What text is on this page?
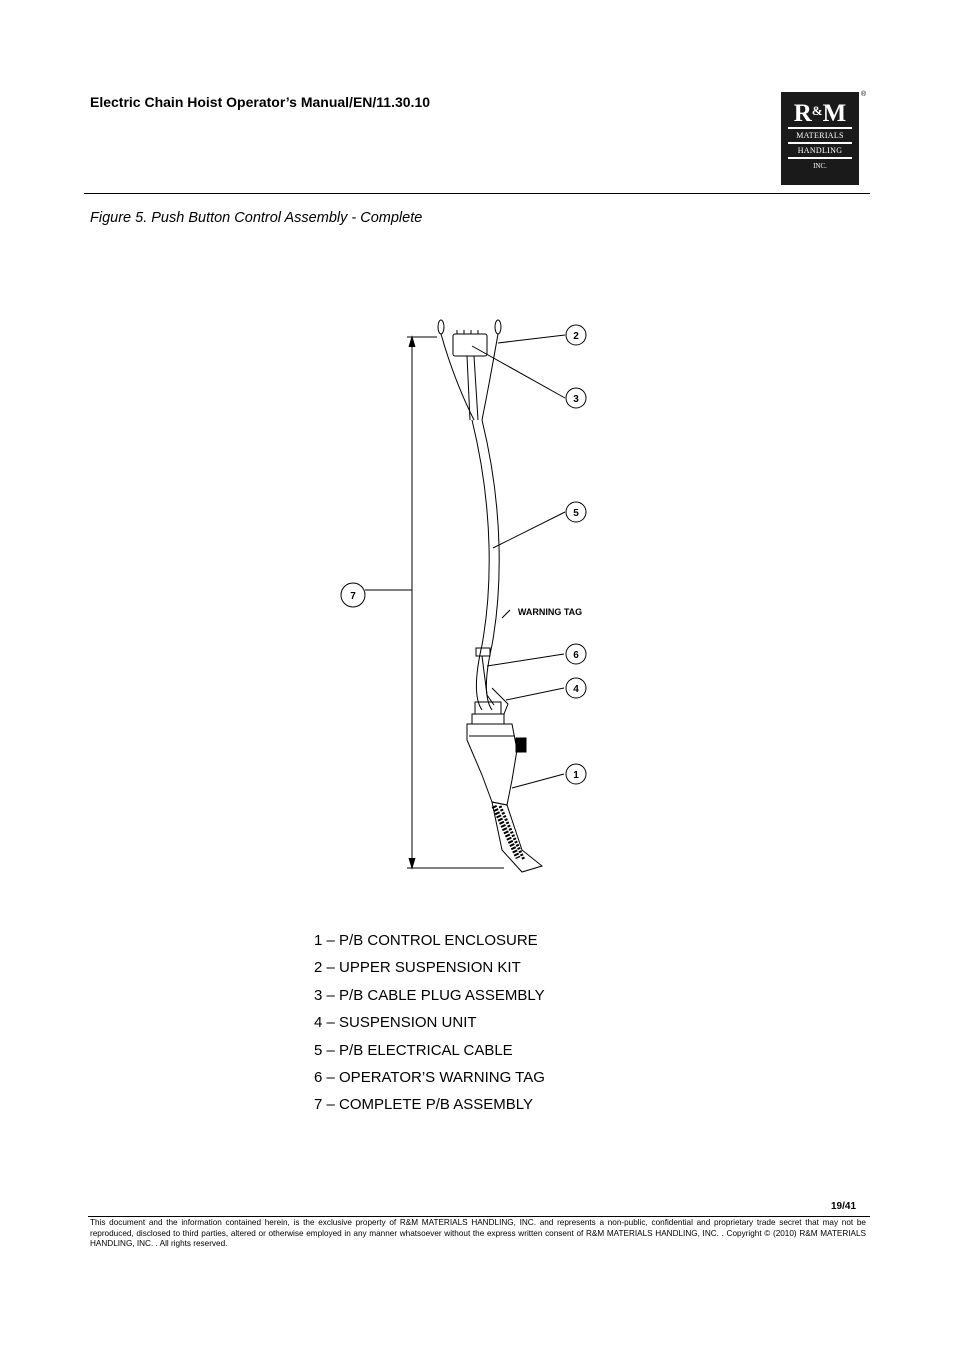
Electric Chain Hoist Operator’s Manual/EN/11.30.10	R&M
MATERIALS
HANDLING
INC.
®
Figure 5. Push Button Control Assembly - Complete
2
3
5
6
4
1
7
WARNING TAG
1 – P/B CONTROL ENCLOSURE
2 – UPPER SUSPENSION KIT
3 – P/B CABLE PLUG ASSEMBLY
4 – SUSPENSION UNIT
5 – P/B ELECTRICAL CABLE
6 – OPERATOR’S WARNING TAG
7 – COMPLETE P/B ASSEMBLY
19/41
This document and the information contained herein, is the exclusive property of R&M MATERIALS HANDLING, INC. and represents a non-public, confidential and proprietary trade secret that may not be reproduced, disclosed to third parties, altered or otherwise employed in any manner whatsoever without the express written consent of R&M MATERIALS HANDLING, INC. . Copyright © (2010) R&M MATERIALS HANDLING, INC. . All rights reserved.
